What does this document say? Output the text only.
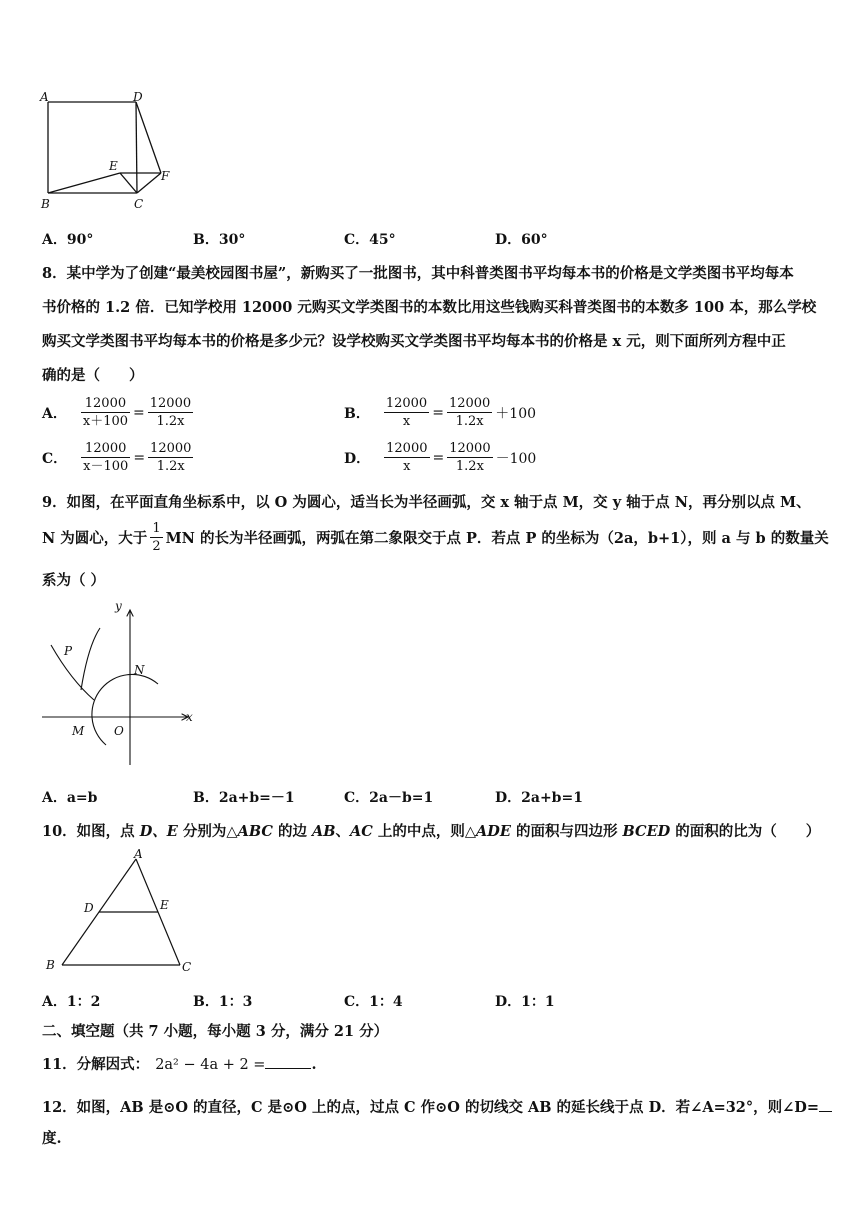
A	D
E
F
B	C
A．90°	B．30°	C．45°	D．60°
8．某中学为了创建“最美校园图书屋”，新购买了一批图书，其中科普类图书平均每本书的价格是文学类图书平均每本
书价格的 1.2 倍．已知学校用 12000 元购买文学类图书的本数比用这些钱购买科普类图书的本数多 100 本，那么学校
购买文学类图书平均每本书的价格是多少元？设学校购买文学类图书平均每本书的价格是 x 元，则下面所列方程中正
确的是（　　）
A． $\frac{12000}{x+100} = \frac{12000}{1.2x}$	B． $\frac{12000}{x} = \frac{12000}{1.2x} +100$
C． $\frac{12000}{x-100} = \frac{12000}{1.2x}$	D． $\frac{12000}{x} = \frac{12000}{1.2x} -100$
9．如图，在平面直角坐标系中，以 O 为圆心，适当长为半径画弧，交 x 轴于点 M，交 y 轴于点 N，再分别以点 M、
N 为圆心，大于 $\frac{1}{2}$ MN 的长为半径画弧，两弧在第二象限交于点 P．若点 P 的坐标为（2a，b+1），则 a 与 b 的数量关
系为（ ）
y
x
P
N
M O
A．a=b	B．2a+b=－1	C．2a－b=1	D．2a+b=1
10．如图，点 D、E 分别为△ABC 的边 AB、AC 上的中点，则△ADE 的面积与四边形 BCED 的面积的比为（　　）
A
D	E
B	C
A．1：2	B．1：3	C．1：4	D．1：1
二、填空题（共 7 小题，每小题 3 分，满分 21 分）
11．分解因式： 2a² − 4a + 2 =	.
12．如图，AB 是⊙O 的直径，C 是⊙O 上的点，过点 C 作⊙O 的切线交 AB 的延长线于点 D．若∠A=32°，则∠D=
度.
